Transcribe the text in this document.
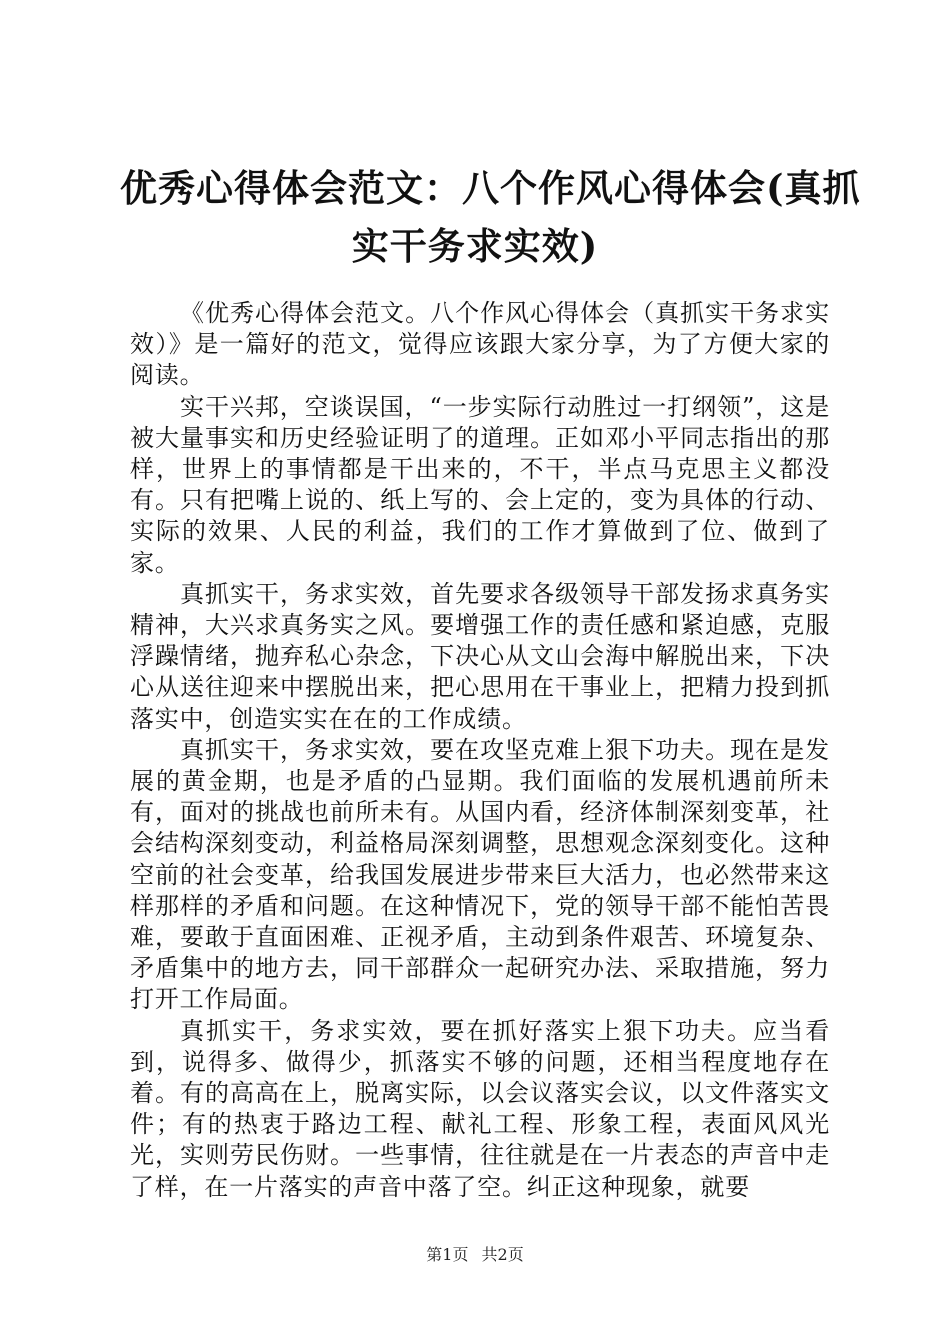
优秀心得体会范文：八个作风心得体会(真抓
实干务求实效)

《优秀心得体会范文。八个作风心得体会（真抓实干务求实效）》是一篇好的范文，觉得应该跟大家分享，为了方便大家的阅读。

实干兴邦，空谈误国，“一步实际行动胜过一打纲领”，这是被大量事实和历史经验证明了的道理。正如邓小平同志指出的那样，世界上的事情都是干出来的，不干，半点马克思主义都没有。只有把嘴上说的、纸上写的、会上定的，变为具体的行动、实际的效果、人民的利益，我们的工作才算做到了位、做到了家。

真抓实干，务求实效，首先要求各级领导干部发扬求真务实精神，大兴求真务实之风。要增强工作的责任感和紧迫感，克服浮躁情绪，抛弃私心杂念，下决心从文山会海中解脱出来，下决心从送往迎来中摆脱出来，把心思用在干事业上，把精力投到抓落实中，创造实实在在的工作成绩。

真抓实干，务求实效，要在攻坚克难上狠下功夫。现在是发展的黄金期，也是矛盾的凸显期。我们面临的发展机遇前所未有，面对的挑战也前所未有。从国内看，经济体制深刻变革，社会结构深刻变动，利益格局深刻调整，思想观念深刻变化。这种空前的社会变革，给我国发展进步带来巨大活力，也必然带来这样那样的矛盾和问题。在这种情况下，党的领导干部不能怕苦畏难，要敢于直面困难、正视矛盾，主动到条件艰苦、环境复杂、矛盾集中的地方去，同干部群众一起研究办法、采取措施，努力打开工作局面。

真抓实干，务求实效，要在抓好落实上狠下功夫。应当看到，说得多、做得少，抓落实不够的问题，还相当程度地存在着。有的高高在上，脱离实际，以会议落实会议，以文件落实文件；有的热衷于路边工程、献礼工程、形象工程，表面风风光光，实则劳民伤财。一些事情，往往就是在一片表态的声音中走了样，在一片落实的声音中落了空。纠正这种现象，就要

第1页 共2页
